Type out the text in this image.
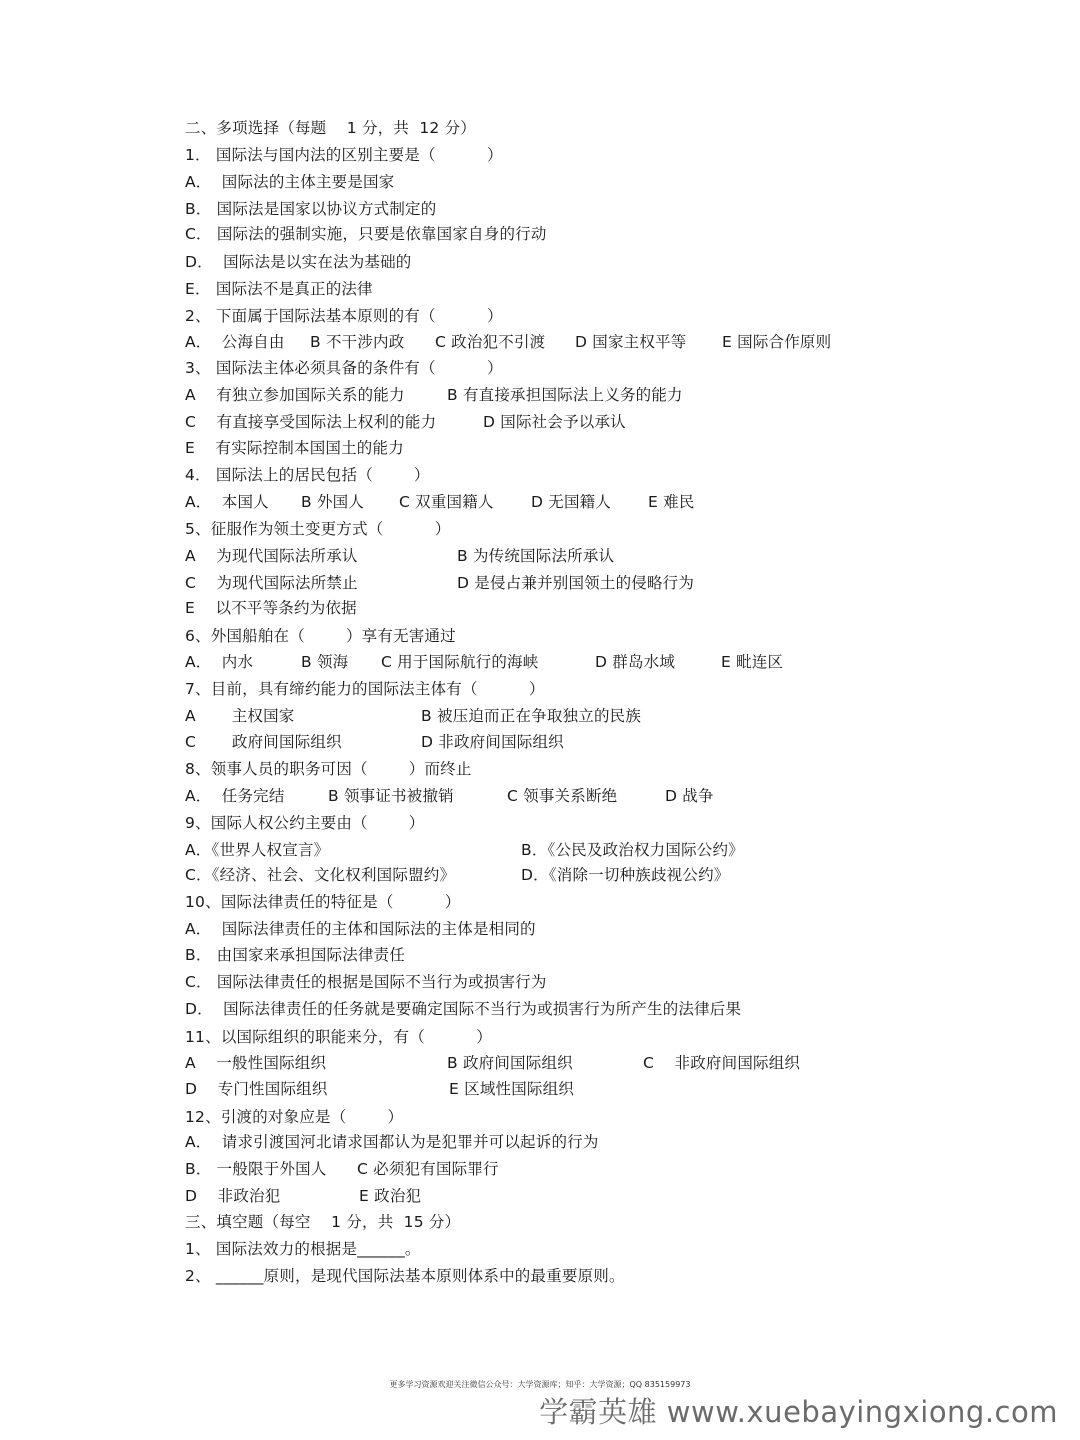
二、多项选择（每题    1 分，共  12 分）
1． 国际法与国内法的区别主要是（          ）
A．  国际法的主体主要是国家
B． 国际法是国家以协议方式制定的
C． 国际法的强制实施，只要是依靠国家自身的行动
D．  国际法是以实在法为基础的
E． 国际法不是真正的法律
2、 下面属于国际法基本原则的有（          ）
A．  公海自由 B 不干涉内政 C 政治犯不引渡 D 国家主权平等 E 国际合作原则
3、 国际法主体必须具备的条件有（          ）
A    有独立参加国际关系的能力	B 有直接承担国际法上义务的能力
C    有直接享受国际法上权利的能力	D 国际社会予以承认
E    有实际控制本国国土的能力
4． 国际法上的居民包括（        ）
A．  本国人 B 外国人 C 双重国籍人 D 无国籍人 E 难民
5、征服作为领土变更方式（          ）
A    为现代国际法所承认	B 为传统国际法所承认
C    为现代国际法所禁止	D 是侵占兼并别国领土的侵略行为
E    以不平等条约为依据
6、外国船舶在（        ）享有无害通过
A．  内水	B 领海 C 用于国际航行的海峡	D 群岛水域	E 毗连区
7、目前，具有缔约能力的国际法主体有（          ）
A       主权国家	B 被压迫而正在争取独立的民族
C       政府间国际组织	D 非政府间国际组织
8、领事人员的职务可因（        ）而终止
A．  任务完结	B 领事证书被撤销	C 领事关系断绝	D 战争
9、国际人权公约主要由（        ）
A．《世界人权宣言》	B．《公民及政治权力国际公约》
C．《经济、社会、文化权利国际盟约》	D．《消除一切种族歧视公约》
10、国际法律责任的特征是（          ）
A．  国际法律责任的主体和国际法的主体是相同的
B． 由国家来承担国际法律责任
C． 国际法律责任的根据是国际不当行为或损害行为
D．  国际法律责任的任务就是要确定国际不当行为或损害行为所产生的法律后果
11、以国际组织的职能来分，有（          ）
A    一般性国际组织	B 政府间国际组织	C    非政府间国际组织
D    专门性国际组织	E 区域性国际组织
12、引渡的对象应是（        ）
A．  请求引渡国河北请求国都认为是犯罪并可以起诉的行为
B． 一般限于外国人 C 必须犯有国际罪行
D    非政治犯	E 政治犯
三、填空题（每空    1 分，共  15 分）
1、 国际法效力的根据是______。
2、 ______原则，是现代国际法基本原则体系中的最重要原则。
更多学习资源欢迎关注微信公众号：大学资源库；知乎：大学资源；QQ 835159973
学霸英雄 www.xuebayingxiong.com
